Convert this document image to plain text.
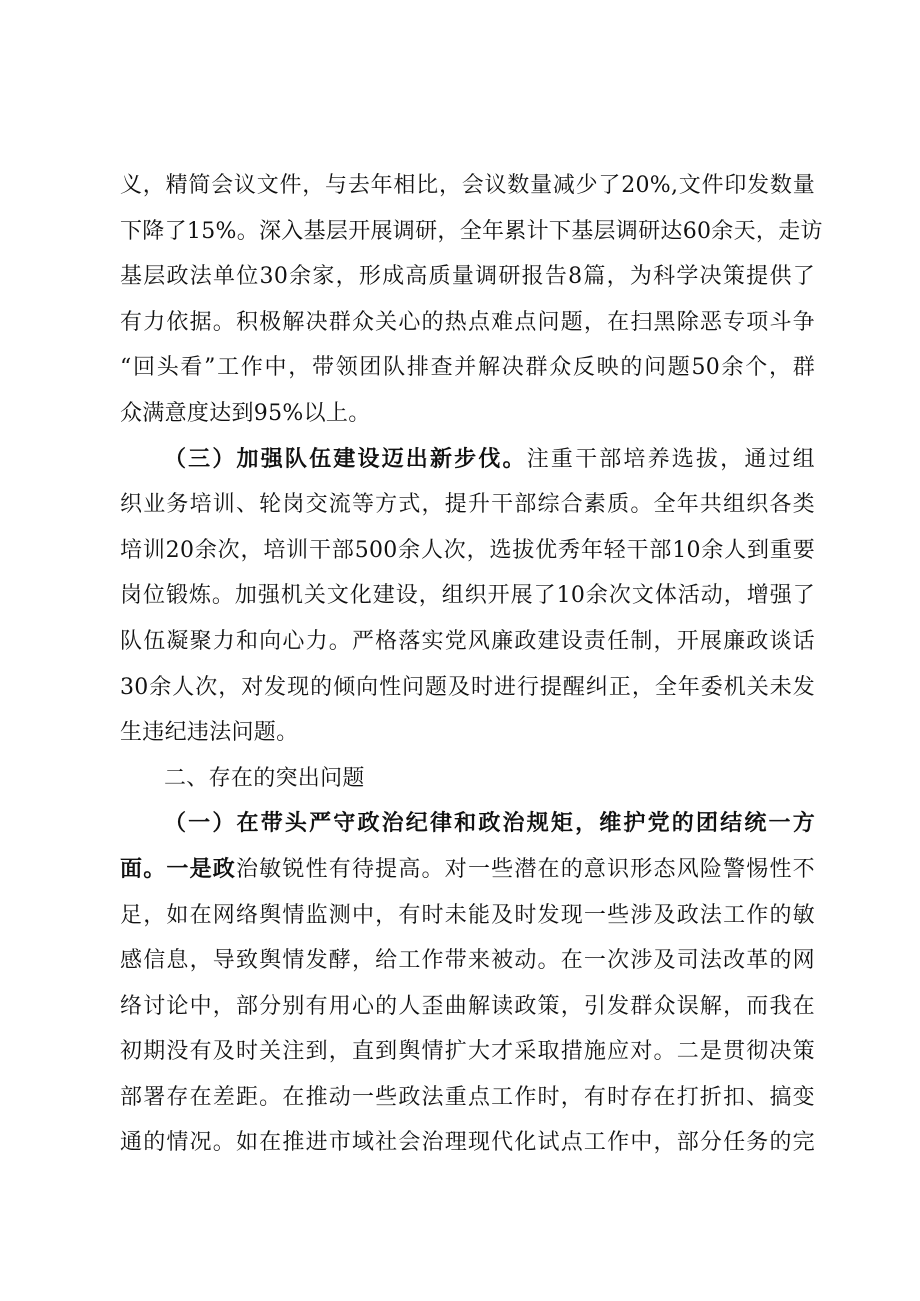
义，精简会议文件，与去年相比，会议数量减少了20%,文件印发数量
下降了15%。深入基层开展调研，全年累计下基层调研达60余天，走访
基层政法单位30余家，形成高质量调研报告8篇，为科学决策提供了
有力依据。积极解决群众关心的热点难点问题，在扫黑除恶专项斗争
“回头看”工作中，带领团队排查并解决群众反映的问题50余个，群
众满意度达到95%以上。
（三）加强队伍建设迈出新步伐。注重干部培养选拔，通过组
织业务培训、轮岗交流等方式，提升干部综合素质。全年共组织各类
培训20余次，培训干部500余人次，选拔优秀年轻干部10余人到重要
岗位锻炼。加强机关文化建设，组织开展了10余次文体活动，增强了
队伍凝聚力和向心力。严格落实党风廉政建设责任制，开展廉政谈话
30余人次，对发现的倾向性问题及时进行提醒纠正，全年委机关未发
生违纪违法问题。
二、存在的突出问题
（一）在带头严守政治纪律和政治规矩，维护党的团结统一方
面。一是政治敏锐性有待提高。对一些潜在的意识形态风险警惕性不
足，如在网络舆情监测中，有时未能及时发现一些涉及政法工作的敏
感信息，导致舆情发酵，给工作带来被动。在一次涉及司法改革的网
络讨论中，部分别有用心的人歪曲解读政策，引发群众误解，而我在
初期没有及时关注到，直到舆情扩大才采取措施应对。二是贯彻决策
部署存在差距。在推动一些政法重点工作时，有时存在打折扣、搞变
通的情况。如在推进市域社会治理现代化试点工作中，部分任务的完
